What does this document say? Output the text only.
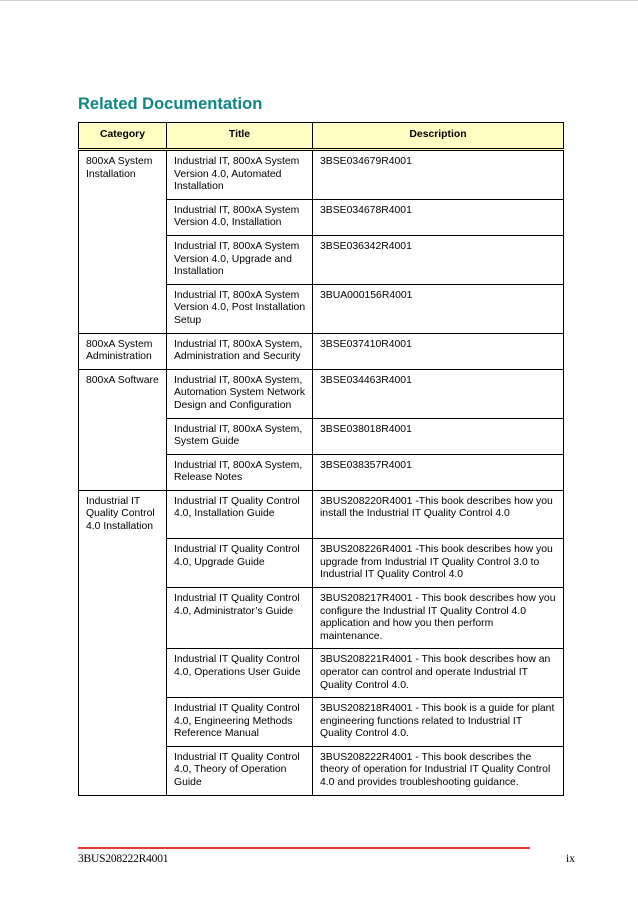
Related Documentation
Category	Title	Description
800xA System Installation	Industrial IT, 800xA System Version 4.0, Automated Installation	3BSE034679R4001
	Industrial IT, 800xA System Version 4.0, Installation	3BSE034678R4001
	Industrial IT, 800xA System Version 4.0, Upgrade and Installation	3BSE036342R4001
	Industrial IT, 800xA System Version 4.0, Post Installation Setup	3BUA000156R4001
800xA System Administration	Industrial IT, 800xA System, Administration and Security	3BSE037410R4001
800xA Software	Industrial IT, 800xA System, Automation System Network Design and Configuration	3BSE034463R4001
	Industrial IT, 800xA System, System Guide	3BSE038018R4001
	Industrial IT, 800xA System, Release Notes	3BSE038357R4001
Industrial IT Quality Control 4.0 Installation	Industrial IT Quality Control 4.0, Installation Guide	3BUS208220R4001 -This book describes how you install the Industrial IT Quality Control 4.0
	Industrial IT Quality Control 4.0, Upgrade Guide	3BUS208226R4001 -This book describes how you upgrade from Industrial IT Quality Control 3.0 to Industrial IT Quality Control 4.0
	Industrial IT Quality Control 4.0, Administrator’s Guide	3BUS208217R4001 - This book describes how you configure the Industrial IT Quality Control 4.0 application and how you then perform maintenance.
	Industrial IT Quality Control 4.0, Operations User Guide	3BUS208221R4001 - This book describes how an operator can control and operate Industrial IT Quality Control 4.0.
	Industrial IT Quality Control 4.0, Engineering Methods Reference Manual	3BUS208218R4001 - This book is a guide for plant engineering functions related to Industrial IT Quality Control 4.0.
	Industrial IT Quality Control 4.0, Theory of Operation Guide	3BUS208222R4001 - This book describes the theory of operation for Industrial IT Quality Control 4.0 and provides troubleshooting guidance.
3BUS208222R4001	ix
